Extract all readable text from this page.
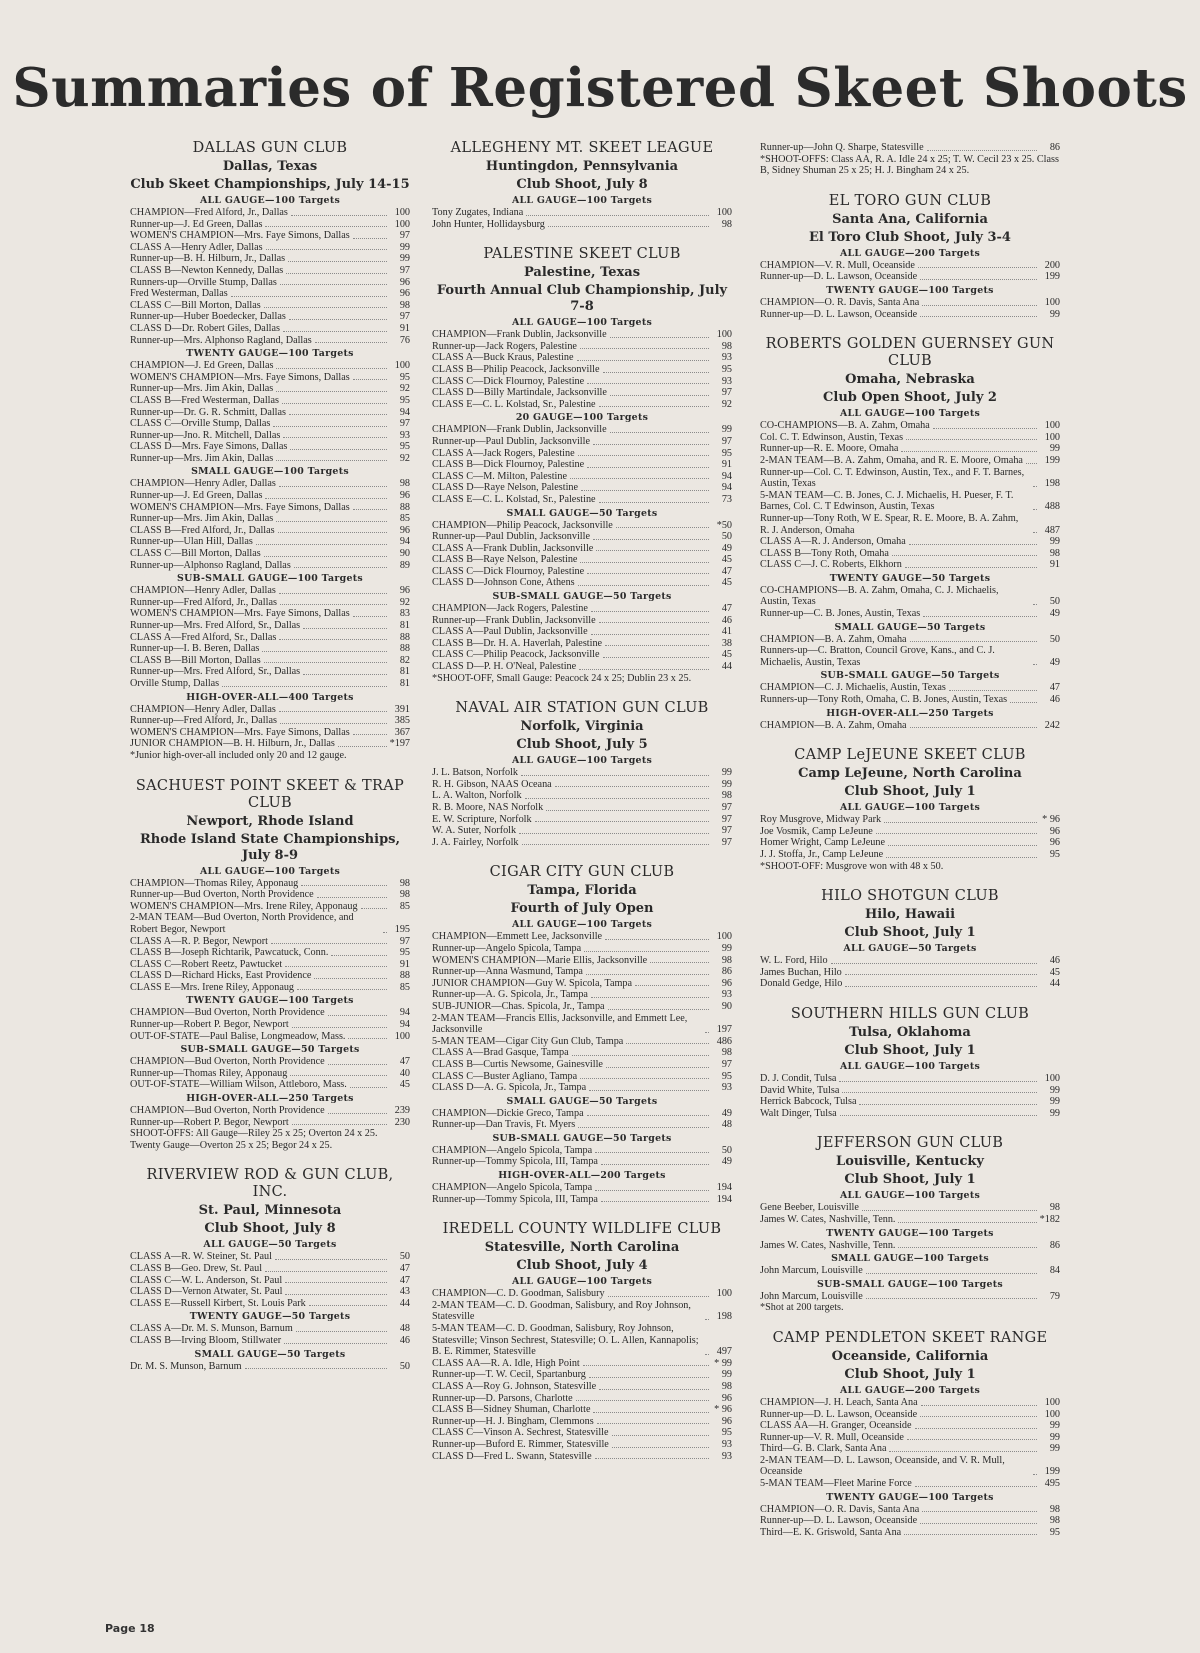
Summaries of Registered Skeet Shoots
DALLAS GUN CLUB
Dallas, Texas
Club Skeet Championships, July 14-15
ALL GAUGE—100 Targets
CHAMPION—Fred Alford, Jr., Dallas	100
Runner-up—J. Ed Green, Dallas	100
WOMEN'S CHAMPION—Mrs. Faye Simons, Dallas	97
CLASS A—Henry Adler, Dallas	99
Runner-up—B. H. Hilburn, Jr., Dallas	99
CLASS B—Newton Kennedy, Dallas	97
Runners-up—Orville Stump, Dallas	96
Fred Westerman, Dallas	96
CLASS C—Bill Morton, Dallas	98
Runner-up—Huber Boedecker, Dallas	97
CLASS D—Dr. Robert Giles, Dallas	91
Runner-up—Mrs. Alphonso Ragland, Dallas	76
TWENTY GAUGE—100 Targets
CHAMPION—J. Ed Green, Dallas	100
WOMEN'S CHAMPION—Mrs. Faye Simons, Dallas	95
Runner-up—Mrs. Jim Akin, Dallas	92
CLASS B—Fred Westerman, Dallas	95
Runner-up—Dr. G. R. Schmitt, Dallas	94
CLASS C—Orville Stump, Dallas	97
Runner-up—Jno. R. Mitchell, Dallas	93
CLASS D—Mrs. Faye Simons, Dallas	95
Runner-up—Mrs. Jim Akin, Dallas	92
SMALL GAUGE—100 Targets
CHAMPION—Henry Adler, Dallas	98
Runner-up—J. Ed Green, Dallas	96
WOMEN'S CHAMPION—Mrs. Faye Simons, Dallas	88
Runner-up—Mrs. Jim Akin, Dallas	85
CLASS B—Fred Alford, Jr., Dallas	96
Runner-up—Ulan Hill, Dallas	94
CLASS C—Bill Morton, Dallas	90
Runner-up—Alphonso Ragland, Dallas	89
SUB-SMALL GAUGE—100 Targets
CHAMPION—Henry Adler, Dallas	96
Runner-up—Fred Alford, Jr., Dallas	92
WOMEN'S CHAMPION—Mrs. Faye Simons, Dallas	83
Runner-up—Mrs. Fred Alford, Sr., Dallas	81
CLASS A—Fred Alford, Sr., Dallas	88
Runner-up—I. B. Beren, Dallas	88
CLASS B—Bill Morton, Dallas	82
Runner-up—Mrs. Fred Alford, Sr., Dallas	81
Orville Stump, Dallas	81
HIGH-OVER-ALL—400 Targets
CHAMPION—Henry Adler, Dallas	391
Runner-up—Fred Alford, Jr., Dallas	385
WOMEN'S CHAMPION—Mrs. Faye Simons, Dallas	367
JUNIOR CHAMPION—B. H. Hilburn, Jr., Dallas	*197

*Junior high-over-all included only 20 and 12 gauge.

SACHUEST POINT SKEET & TRAP CLUB
Newport, Rhode Island
Rhode Island State Championships, July 8-9
ALL GAUGE—100 Targets
CHAMPION—Thomas Riley, Apponaug	98
Runner-up—Bud Overton, North Providence	98
WOMEN'S CHAMPION—Mrs. Irene Riley, Apponaug	85
2-MAN TEAM—Bud Overton, North Providence, and Robert Begor, Newport	195
CLASS A—R. P. Begor, Newport	97
CLASS B—Joseph Richtarik, Pawcatuck, Conn.	95
CLASS C—Robert Reetz, Pawtucket	91
CLASS D—Richard Hicks, East Providence	88
CLASS E—Mrs. Irene Riley, Apponaug	85
TWENTY GAUGE—100 Targets
CHAMPION—Bud Overton, North Providence	94
Runner-up—Robert P. Begor, Newport	94
OUT-OF-STATE—Paul Balise, Longmeadow, Mass.	100
SUB-SMALL GAUGE—50 Targets
CHAMPION—Bud Overton, North Providence	47
Runner-up—Thomas Riley, Apponaug	40
OUT-OF-STATE—William Wilson, Attleboro, Mass.	45
HIGH-OVER-ALL—250 Targets
CHAMPION—Bud Overton, North Providence	239
Runner-up—Robert P. Begor, Newport	230

SHOOT-OFFS: All Gauge—Riley 25 x 25; Overton 24 x 25. Twenty Gauge—Overton 25 x 25; Begor 24 x 25.

RIVERVIEW ROD & GUN CLUB, INC.
St. Paul, Minnesota
Club Shoot, July 8
ALL GAUGE—50 Targets
CLASS A—R. W. Steiner, St. Paul	50
CLASS B—Geo. Drew, St. Paul	47
CLASS C—W. L. Anderson, St. Paul	47
CLASS D—Vernon Atwater, St. Paul	43
CLASS E—Russell Kirbert, St. Louis Park	44
TWENTY GAUGE—50 Targets
CLASS A—Dr. M. S. Munson, Barnum	48
CLASS B—Irving Bloom, Stillwater	46
SMALL GAUGE—50 Targets
Dr. M. S. Munson, Barnum	50
ALLEGHENY MT. SKEET LEAGUE
Huntingdon, Pennsylvania
Club Shoot, July 8
ALL GAUGE—100 Targets
Tony Zugates, Indiana	100
John Hunter, Hollidaysburg	98
PALESTINE SKEET CLUB
Palestine, Texas
Fourth Annual Club Championship, July 7-8
ALL GAUGE—100 Targets
CHAMPION—Frank Dublin, Jacksonville	100
Runner-up—Jack Rogers, Palestine	98
CLASS A—Buck Kraus, Palestine	93
CLASS B—Philip Peacock, Jacksonville	95
CLASS C—Dick Flournoy, Palestine	93
CLASS D—Billy Martindale, Jacksonville	97
CLASS E—C. L. Kolstad, Sr., Palestine	92
20 GAUGE—100 Targets
CHAMPION—Frank Dublin, Jacksonville	99
Runner-up—Paul Dublin, Jacksonville	97
CLASS A—Jack Rogers, Palestine	95
CLASS B—Dick Flournoy, Palestine	91
CLASS C—M. Milton, Palestine	94
CLASS D—Raye Nelson, Palestine	94
CLASS E—C. L. Kolstad, Sr., Palestine	73
SMALL GAUGE—50 Targets
CHAMPION—Philip Peacock, Jacksonville	*50
Runner-up—Paul Dublin, Jacksonville	50
CLASS A—Frank Dublin, Jacksonville	49
CLASS B—Raye Nelson, Palestine	45
CLASS C—Dick Flournoy, Palestine	47
CLASS D—Johnson Cone, Athens	45
SUB-SMALL GAUGE—50 Targets
CHAMPION—Jack Rogers, Palestine	47
Runner-up—Frank Dublin, Jacksonville	46
CLASS A—Paul Dublin, Jacksonville	41
CLASS B—Dr. H. A. Haverlah, Palestine	38
CLASS C—Philip Peacock, Jacksonville	45
CLASS D—P. H. O'Neal, Palestine	44

*SHOOT-OFF, Small Gauge: Peacock 24 x 25; Dublin 23 x 25.

NAVAL AIR STATION GUN CLUB
Norfolk, Virginia
Club Shoot, July 5
ALL GAUGE—100 Targets
J. L. Batson, Norfolk	99
R. H. Gibson, NAAS Oceana	99
L. A. Walton, Norfolk	98
R. B. Moore, NAS Norfolk	97
E. W. Scripture, Norfolk	97
W. A. Suter, Norfolk	97
J. A. Fairley, Norfolk	97
CIGAR CITY GUN CLUB
Tampa, Florida
Fourth of July Open
ALL GAUGE—100 Targets
CHAMPION—Emmett Lee, Jacksonville	100
Runner-up—Angelo Spicola, Tampa	99
WOMEN'S CHAMPION—Marie Ellis, Jacksonville	98
Runner-up—Anna Wasmund, Tampa	86
JUNIOR CHAMPION—Guy W. Spicola, Tampa	96
Runner-up—A. G. Spicola, Jr., Tampa	93
SUB-JUNIOR—Chas. Spicola, Jr., Tampa	90
2-MAN TEAM—Francis Ellis, Jacksonville, and Emmett Lee, Jacksonville	197
5-MAN TEAM—Cigar City Gun Club, Tampa	486
CLASS A—Brad Gasque, Tampa	98
CLASS B—Curtis Newsome, Gainesville	97
CLASS C—Buster Agliano, Tampa	95
CLASS D—A. G. Spicola, Jr., Tampa	93
SMALL GAUGE—50 Targets
CHAMPION—Dickie Greco, Tampa	49
Runner-up—Dan Travis, Ft. Myers	48
SUB-SMALL GAUGE—50 Targets
CHAMPION—Angelo Spicola, Tampa	50
Runner-up—Tommy Spicola, III, Tampa	49
HIGH-OVER-ALL—200 Targets
CHAMPION—Angelo Spicola, Tampa	194
Runner-up—Tommy Spicola, III, Tampa	194
IREDELL COUNTY WILDLIFE CLUB
Statesville, North Carolina
Club Shoot, July 4
ALL GAUGE—100 Targets
CHAMPION—C. D. Goodman, Salisbury	100
2-MAN TEAM—C. D. Goodman, Salisbury, and Roy Johnson, Statesville	198
5-MAN TEAM—C. D. Goodman, Salisbury, Roy Johnson, Statesville; Vinson Sechrest, Statesville; O. L. Allen, Kannapolis; B. E. Rimmer, Statesville	497
CLASS AA—R. A. Idle, High Point	* 99
Runner-up—T. W. Cecil, Spartanburg	99
CLASS A—Roy G. Johnson, Statesville	98
Runner-up—D. Parsons, Charlotte	96
CLASS B—Sidney Shuman, Charlotte	* 96
Runner-up—H. J. Bingham, Clemmons	96
CLASS C—Vinson A. Sechrest, Statesville	95
Runner-up—Buford E. Rimmer, Statesville	93
CLASS D—Fred L. Swann, Statesville	93
Runner-up—John Q. Sharpe, Statesville	86

*SHOOT-OFFS: Class AA, R. A. Idle 24 x 25; T. W. Cecil 23 x 25. Class B, Sidney Shuman 25 x 25; H. J. Bingham 24 x 25.

EL TORO GUN CLUB
Santa Ana, California
El Toro Club Shoot, July 3-4
ALL GAUGE—200 Targets
CHAMPION—V. R. Mull, Oceanside	200
Runner-up—D. L. Lawson, Oceanside	199
TWENTY GAUGE—100 Targets
CHAMPION—O. R. Davis, Santa Ana	100
Runner-up—D. L. Lawson, Oceanside	99
ROBERTS GOLDEN GUERNSEY GUN CLUB
Omaha, Nebraska
Club Open Shoot, July 2
ALL GAUGE—100 Targets
CO-CHAMPIONS—B. A. Zahm, Omaha	100
Col. C. T. Edwinson, Austin, Texas	100
Runner-up—R. E. Moore, Omaha	99
2-MAN TEAM—B. A. Zahm, Omaha, and R. E. Moore, Omaha	199
Runner-up—Col. C. T. Edwinson, Austin, Tex., and F. T. Barnes, Austin, Texas	198
5-MAN TEAM—C. B. Jones, C. J. Michaelis, H. Pueser, F. T. Barnes, Col. C. T Edwinson, Austin, Texas	488
Runner-up—Tony Roth, W E. Spear, R. E. Moore, B. A. Zahm, R. J. Anderson, Omaha	487
CLASS A—R. J. Anderson, Omaha	99
CLASS B—Tony Roth, Omaha	98
CLASS C—J. C. Roberts, Elkhorn	91
TWENTY GAUGE—50 Targets
CO-CHAMPIONS—B. A. Zahm, Omaha, C. J. Michaelis, Austin, Texas	50
Runner-up—C. B. Jones, Austin, Texas	49
SMALL GAUGE—50 Targets
CHAMPION—B. A. Zahm, Omaha	50
Runners-up—C. Bratton, Council Grove, Kans., and C. J. Michaelis, Austin, Texas	49
SUB-SMALL GAUGE—50 Targets
CHAMPION—C. J. Michaelis, Austin, Texas	47
Runners-up—Tony Roth, Omaha, C. B. Jones, Austin, Texas	46
HIGH-OVER-ALL—250 Targets
CHAMPION—B. A. Zahm, Omaha	242
CAMP LeJEUNE SKEET CLUB
Camp LeJeune, North Carolina
Club Shoot, July 1
ALL GAUGE—100 Targets
Roy Musgrove, Midway Park	* 96
Joe Vosmik, Camp LeJeune	96
Homer Wright, Camp LeJeune	96
J. J. Stoffa, Jr., Camp LeJeune	95

*SHOOT-OFF: Musgrove won with 48 x 50.

HILO SHOTGUN CLUB
Hilo, Hawaii
Club Shoot, July 1
ALL GAUGE—50 Targets
W. L. Ford, Hilo	46
James Buchan, Hilo	45
Donald Gedge, Hilo	44
SOUTHERN HILLS GUN CLUB
Tulsa, Oklahoma
Club Shoot, July 1
ALL GAUGE—100 Targets
D. J. Condit, Tulsa	100
David White, Tulsa	99
Herrick Babcock, Tulsa	99
Walt Dinger, Tulsa	99
JEFFERSON GUN CLUB
Louisville, Kentucky
Club Shoot, July 1
ALL GAUGE—100 Targets
Gene Beeber, Louisville	98
James W. Cates, Nashville, Tenn.	*182
TWENTY GAUGE—100 Targets
James W. Cates, Nashville, Tenn.	86
SMALL GAUGE—100 Targets
John Marcum, Louisville	84
SUB-SMALL GAUGE—100 Targets
John Marcum, Louisville	79

*Shot at 200 targets.

CAMP PENDLETON SKEET RANGE
Oceanside, California
Club Shoot, July 1
ALL GAUGE—200 Targets
CHAMPION—J. H. Leach, Santa Ana	100
Runner-up—D. L. Lawson, Oceanside	100
CLASS AA—H. Granger, Oceanside	99
Runner-up—V. R. Mull, Oceanside	99
Third—G. B. Clark, Santa Ana	99
2-MAN TEAM—D. L. Lawson, Oceanside, and V. R. Mull, Oceanside	199
5-MAN TEAM—Fleet Marine Force	495
TWENTY GAUGE—100 Targets
CHAMPION—O. R. Davis, Santa Ana	98
Runner-up—D. L. Lawson, Oceanside	98
Third—E. K. Griswold, Santa Ana	95

Page 18
